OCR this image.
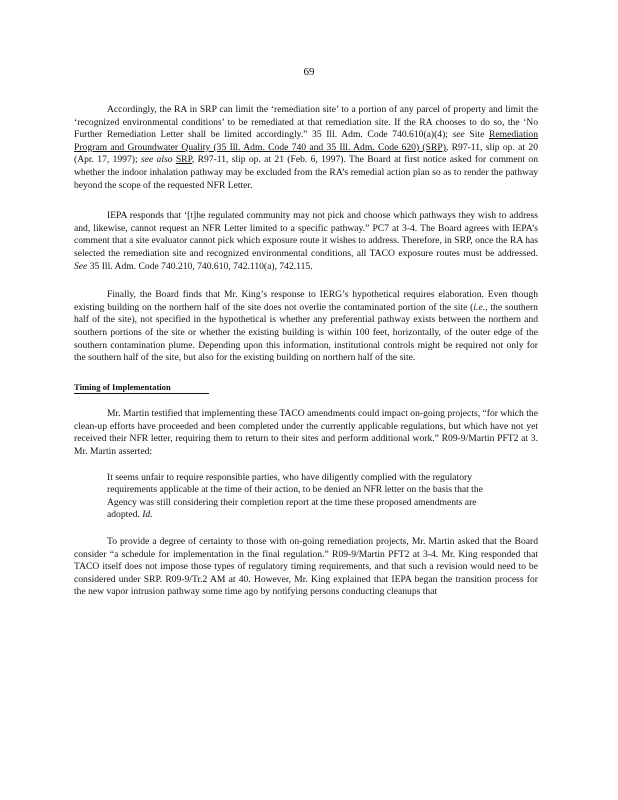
69

Accordingly, the RA in SRP can limit the ‘remediation site’ to a portion of any parcel of property and limit the ‘recognized environmental conditions’ to be remediated at that remediation site. If the RA chooses to do so, the ‘No Further Remediation Letter shall be limited accordingly.” 35 Ill. Adm. Code 740.610(a)(4); see Site Remediation Program and Groundwater Quality (35 Ill. Adm. Code 740 and 35 Ill. Adm. Code 620) (SRP), R97-11, slip op. at 20 (Apr. 17, 1997); see also SRP, R97-11, slip op. at 21 (Feb. 6, 1997). The Board at first notice asked for comment on whether the indoor inhalation pathway may be excluded from the RA’s remedial action plan so as to render the pathway beyond the scope of the requested NFR Letter.

IEPA responds that ‘[t]he regulated community may not pick and choose which pathways they wish to address and, likewise, cannot request an NFR Letter limited to a specific pathway.” PC7 at 3-4. The Board agrees with IEPA’s comment that a site evaluator cannot pick which exposure route it wishes to address. Therefore, in SRP, once the RA has selected the remediation site and recognized environmental conditions, all TACO exposure routes must be addressed. See 35 Ill. Adm. Code 740.210, 740.610, 742.110(a), 742.115.

Finally, the Board finds that Mr. King’s response to IERG’s hypothetical requires elaboration. Even though existing building on the northern half of the site does not overlie the contaminated portion of the site (i.e., the southern half of the site), not specified in the hypothetical is whether any preferential pathway exists between the northern and southern portions of the site or whether the existing building is within 100 feet, horizontally, of the outer edge of the southern contamination plume. Depending upon this information, institutional controls might be required not only for the southern half of the site, but also for the existing building on northern half of the site.

Timing of Implementation

Mr. Martin testified that implementing these TACO amendments could impact on-going projects, “for which the clean-up efforts have proceeded and been completed under the currently applicable regulations, but which have not yet received their NFR letter, requiring them to return to their sites and perform additional work.” R09-9/Martin PFT2 at 3. Mr. Martin asserted:

It seems unfair to require responsible parties, who have diligently complied with the regulatory requirements applicable at the time of their action, to be denied an NFR letter on the basis that the Agency was still considering their completion report at the time these proposed amendments are adopted. Id.

To provide a degree of certainty to those with on-going remediation projects, Mr. Martin asked that the Board consider “a schedule for implementation in the final regulation.” R09-9/Martin PFT2 at 3-4. Mr. King responded that TACO itself does not impose those types of regulatory timing requirements, and that such a revision would need to be considered under SRP. R09-9/Tr.2 AM at 40. However, Mr. King explained that IEPA began the transition process for the new vapor intrusion pathway some time ago by notifying persons conducting cleanups that
